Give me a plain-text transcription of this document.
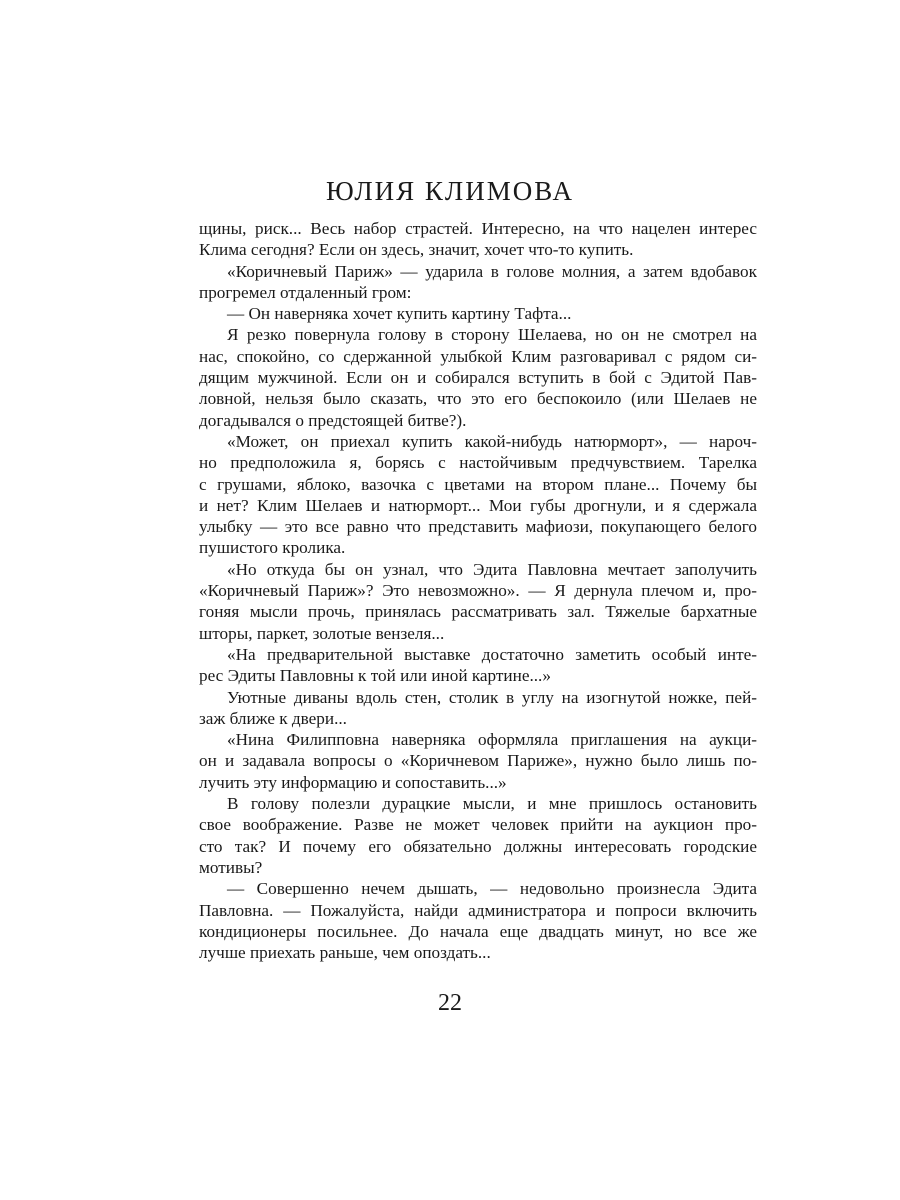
ЮЛИЯ КЛИМОВА

щины, риск... Весь набор страстей. Интересно, на что нацелен интерес
Клима сегодня? Если он здесь, значит, хочет что-то купить.

«Коричневый Париж» — ударила в голове молния, а затем вдобавок
прогремел отдаленный гром:

— Он наверняка хочет купить картину Тафта...

Я резко повернула голову в сторону Шелаева, но он не смотрел на
нас, спокойно, со сдержанной улыбкой Клим разговаривал с рядом си-
дящим мужчиной. Если он и собирался вступить в бой с Эдитой Пав-
ловной, нельзя было сказать, что это его беспокоило (или Шелаев не
догадывался о предстоящей битве?).

«Может, он приехал купить какой-нибудь натюрморт», — нароч-
но предположила я, борясь с настойчивым предчувствием. Тарелка
с грушами, яблоко, вазочка с цветами на втором плане... Почему бы
и нет? Клим Шелаев и натюрморт... Мои губы дрогнули, и я сдержала
улыбку — это все равно что представить мафиози, покупающего белого
пушистого кролика.

«Но откуда бы он узнал, что Эдита Павловна мечтает заполучить
«Коричневый Париж»? Это невозможно». — Я дернула плечом и, про-
гоняя мысли прочь, принялась рассматривать зал. Тяжелые бархатные
шторы, паркет, золотые вензеля...

«На предварительной выставке достаточно заметить особый инте-
рес Эдиты Павловны к той или иной картине...»

Уютные диваны вдоль стен, столик в углу на изогнутой ножке, пей-
заж ближе к двери...

«Нина Филипповна наверняка оформляла приглашения на аукци-
он и задавала вопросы о «Коричневом Париже», нужно было лишь по-
лучить эту информацию и сопоставить...»

В голову полезли дурацкие мысли, и мне пришлось остановить
свое воображение. Разве не может человек прийти на аукцион про-
сто так? И почему его обязательно должны интересовать городские
мотивы?

— Совершенно нечем дышать, — недовольно произнесла Эдита
Павловна. — Пожалуйста, найди администратора и попроси включить
кондиционеры посильнее. До начала еще двадцать минут, но все же
лучше приехать раньше, чем опоздать...

22
